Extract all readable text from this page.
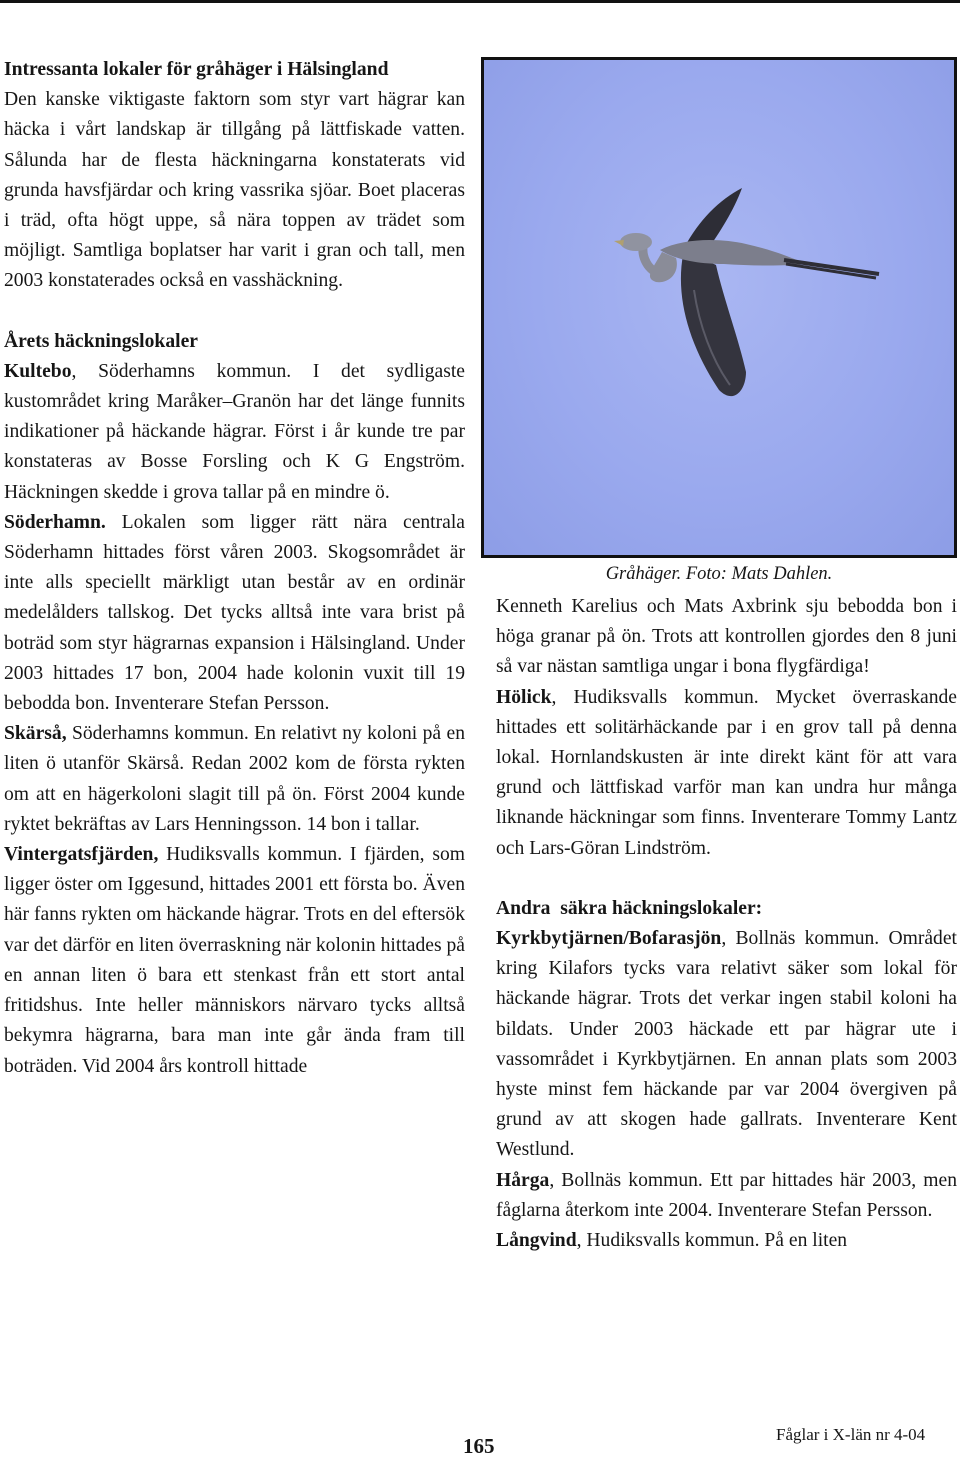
Intressanta lokaler för gråhäger i Hälsingland

Den kanske viktigaste faktorn som styr vart hägrar kan häcka i vårt landskap är tillgång på lättfiskade vatten. Sålunda har de flesta häckningarna konstaterats vid grunda havsfjärdar och kring vassrika sjöar. Boet placeras i träd, ofta högt uppe, så nära toppen av trädet som möjligt. Samtliga boplatser har varit i gran och tall, men 2003 konstaterades också en vasshäckning.

Årets häckningslokaler

Kultebo, Söderhamns kommun. I det sydligaste kustområdet kring Maråker–Granön har det länge funnits indikationer på häckande hägrar. Först i år kunde tre par konstateras av Bosse Forsling och K G Engström. Häckningen skedde i grova tallar på en mindre ö.

Söderhamn. Lokalen som ligger rätt nära centrala Söderhamn hittades först våren 2003. Skogsområdet är inte alls speciellt märkligt utan består av en ordinär medelålders tallskog. Det tycks alltså inte vara brist på boträd som styr hägrarnas expansion i Hälsingland. Under 2003 hittades 17 bon, 2004 hade kolonin vuxit till 19 bebodda bon. Inventerare Stefan Persson.

Skärså, Söderhamns kommun. En relativt ny koloni på en liten ö utanför Skärså. Redan 2002 kom de första rykten om att en hägerkoloni slagit till på ön. Först 2004 kunde ryktet bekräftas av Lars Henningsson. 14 bon i tallar.

Vintergatsfjärden, Hudiksvalls kommun. I fjärden, som ligger öster om Iggesund, hittades 2001 ett första bo. Även här fanns rykten om häckande hägrar. Trots en del eftersök var det därför en liten överraskning när kolonin hittades på en annan liten ö bara ett stenkast från ett stort antal fritidshus. Inte heller människors närvaro tycks alltså bekymra hägrarna, bara man inte går ända fram till boträden. Vid 2004 års kontroll hittade

Gråhäger. Foto: Mats Dahlen.

Kenneth Karelius och Mats Axbrink sju bebodda bon i höga granar på ön. Trots att kontrollen gjordes den 8 juni så var nästan samtliga ungar i bona flygfärdiga!

Hölick, Hudiksvalls kommun. Mycket överraskande hittades ett solitärhäckande par i en grov tall på denna lokal. Hornlandskusten är inte direkt känt för att vara grund och lättfiskad varför man kan undra hur många liknande häckningar som finns. Inventerare Tommy Lantz och Lars-Göran Lindström.

Andra  säkra häckningslokaler:

Kyrkbytjärnen/Bofarasjön, Bollnäs kommun. Området kring Kilafors tycks vara relativt säker som lokal för häckande hägrar. Trots det verkar ingen stabil koloni ha bildats. Under 2003 häckade ett par hägrar ute i vassområdet i Kyrkbytjärnen. En annan plats som 2003 hyste minst fem häckande par var 2004 övergiven på grund av att skogen hade gallrats. Inventerare Kent Westlund.

Hårga, Bollnäs kommun. Ett par hittades här 2003, men fåglarna återkom inte 2004. Inventerare Stefan Persson.

Långvind, Hudiksvalls kommun. På en liten

165	Fåglar i X-län nr 4-04
